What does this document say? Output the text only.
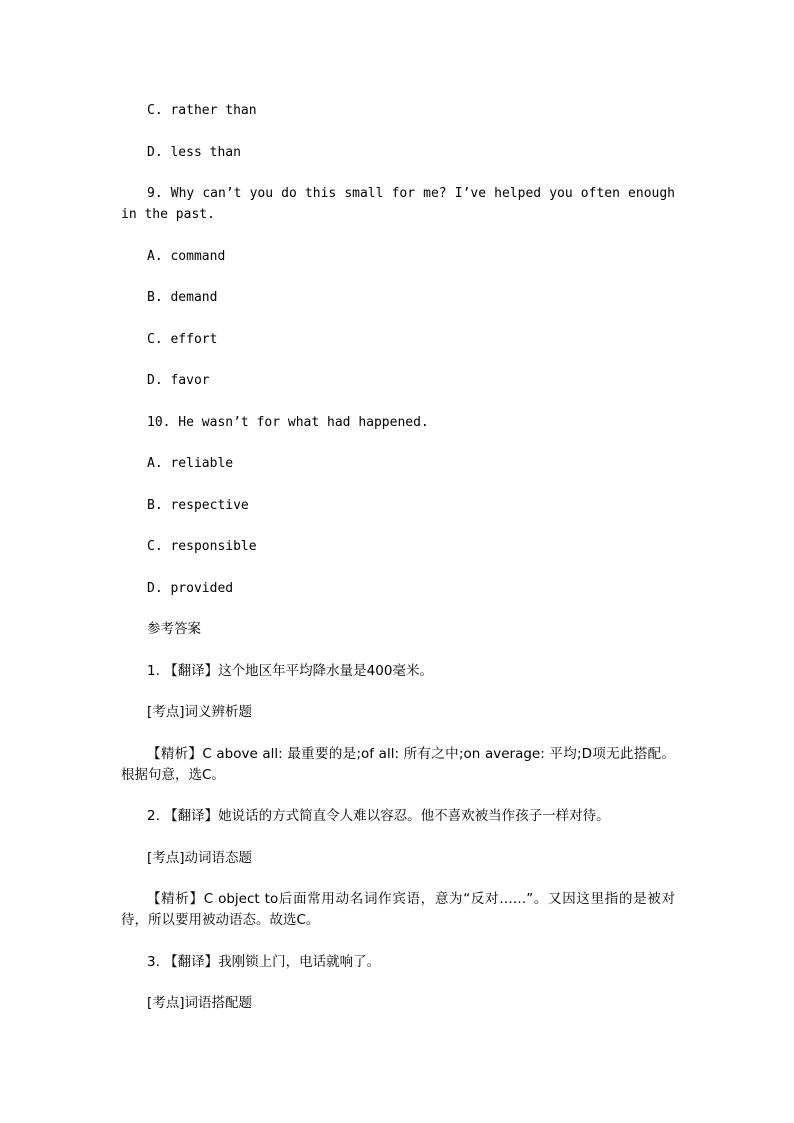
C. rather than

D. less than

9. Why can’t you do this small for me? I’ve helped you often enough in the past.

A. command

B. demand

C. effort

D. favor

10. He wasn’t for what had happened.

A. reliable

B. respective

C. responsible

D. provided

参考答案

1. 【翻译】这个地区年平均降水量是400毫米。

[考点]词义辨析题

【精析】C above all: 最重要的是;of all: 所有之中;on average: 平均;D项无此搭配。根据句意，选C。

2. 【翻译】她说话的方式简直令人难以容忍。他不喜欢被当作孩子一样对待。

[考点]动词语态题

【精析】C object to后面常用动名词作宾语，意为“反对……”。又因这里指的是被对待，所以要用被动语态。故选C。

3. 【翻译】我刚锁上门，电话就响了。

[考点]词语搭配题
